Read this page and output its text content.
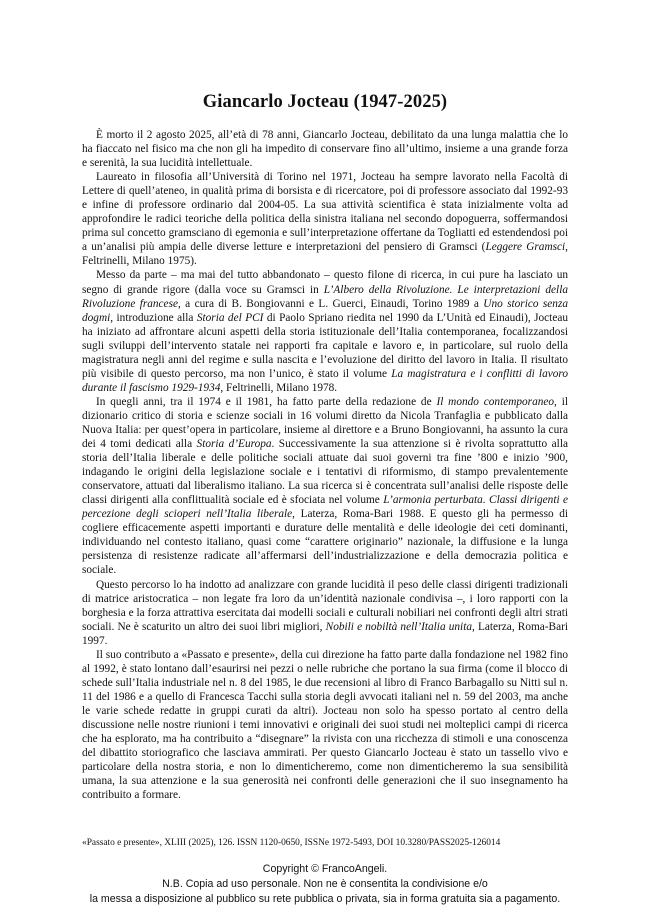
Giancarlo Jocteau (1947-2025)

È morto il 2 agosto 2025, all’età di 78 anni, Giancarlo Jocteau, debilitato da una lunga malattia che lo ha fiaccato nel fisico ma che non gli ha impedito di conservare fino all’ultimo, insieme a una grande forza e serenità, la sua lucidità intellettuale.

Laureato in filosofia all’Università di Torino nel 1971, Jocteau ha sempre lavorato nella Facoltà di Lettere di quell’ateneo, in qualità prima di borsista e di ricercatore, poi di professore associato dal 1992-93 e infine di professore ordinario dal 2004-05. La sua attività scientifica è stata inizialmente volta ad approfondire le radici teoriche della politica della sinistra italiana nel secondo dopoguerra, soffermandosi prima sul concetto gramsciano di egemonia e sull’interpretazione offertane da Togliatti ed estendendosi poi a un’analisi più ampia delle diverse letture e interpretazioni del pensiero di Gramsci (Leggere Gramsci, Feltrinelli, Milano 1975).

Messo da parte – ma mai del tutto abbandonato – questo filone di ricerca, in cui pure ha lasciato un segno di grande rigore (dalla voce su Gramsci in L’Albero della Rivoluzione. Le interpretazioni della Rivoluzione francese, a cura di B. Bongiovanni e L. Guerci, Einaudi, Torino 1989 a Uno storico senza dogmi, introduzione alla Storia del PCI di Paolo Spriano riedita nel 1990 da L’Unità ed Einaudi), Jocteau ha iniziato ad affrontare alcuni aspetti della storia istituzionale dell’Italia contemporanea, focalizzandosi sugli sviluppi dell’intervento statale nei rapporti fra capitale e lavoro e, in particolare, sul ruolo della magistratura negli anni del regime e sulla nascita e l’evoluzione del diritto del lavoro in Italia. Il risultato più visibile di questo percorso, ma non l’unico, è stato il volume La magistratura e i conflitti di lavoro durante il fascismo 1929-1934, Feltrinelli, Milano 1978.

In quegli anni, tra il 1974 e il 1981, ha fatto parte della redazione de Il mondo contemporaneo, il dizionario critico di storia e scienze sociali in 16 volumi diretto da Nicola Tranfaglia e pubblicato dalla Nuova Italia: per quest’opera in particolare, insieme al direttore e a Bruno Bongiovanni, ha assunto la cura dei 4 tomi dedicati alla Storia d’Europa. Successivamente la sua attenzione si è rivolta soprattutto alla storia dell’Italia liberale e delle politiche sociali attuate dai suoi governi tra fine ’800 e inizio ’900, indagando le origini della legislazione sociale e i tentativi di riformismo, di stampo prevalentemente conservatore, attuati dal liberalismo italiano. La sua ricerca si è concentrata sull’analisi delle risposte delle classi dirigenti alla conflittualità sociale ed è sfociata nel volume L’armonia perturbata. Classi dirigenti e percezione degli scioperi nell’Italia liberale, Laterza, Roma-Bari 1988. E questo gli ha permesso di cogliere efficacemente aspetti importanti e durature delle mentalità e delle ideologie dei ceti dominanti, individuando nel contesto italiano, quasi come “carattere originario” nazionale, la diffusione e la lunga persistenza di resistenze radicate all’affermarsi dell’industrializzazione e della democrazia politica e sociale.

Questo percorso lo ha indotto ad analizzare con grande lucidità il peso delle classi dirigenti tradizionali di matrice aristocratica – non legate fra loro da un’identità nazionale condivisa –, i loro rapporti con la borghesia e la forza attrattiva esercitata dai modelli sociali e culturali nobiliari nei confronti degli altri strati sociali. Ne è scaturito un altro dei suoi libri migliori, Nobili e nobiltà nell’Italia unita, Laterza, Roma-Bari 1997.

Il suo contributo a «Passato e presente», della cui direzione ha fatto parte dalla fondazione nel 1982 fino al 1992, è stato lontano dall’esaurirsi nei pezzi o nelle rubriche che portano la sua firma (come il blocco di schede sull’Italia industriale nel n. 8 del 1985, le due recensioni al libro di Franco Barbagallo su Nitti sul n. 11 del 1986 e a quello di Francesca Tacchi sulla storia degli avvocati italiani nel n. 59 del 2003, ma anche le varie schede redatte in gruppi curati da altri). Jocteau non solo ha spesso portato al centro della discussione nelle nostre riunioni i temi innovativi e originali dei suoi studi nei molteplici campi di ricerca che ha esplorato, ma ha contribuito a “disegnare” la rivista con una ricchezza di stimoli e una conoscenza del dibattito storiografico che lasciava ammirati. Per questo Giancarlo Jocteau è stato un tassello vivo e particolare della nostra storia, e non lo dimenticheremo, come non dimenticheremo la sua sensibilità umana, la sua attenzione e la sua generosità nei confronti delle generazioni che il suo insegnamento ha contribuito a formare.

«Passato e presente», XLIII (2025), 126. ISSN 1120-0650, ISSNe 1972-5493, DOI 10.3280/PASS2025-126014
Copyright © FrancoAngeli.
N.B. Copia ad uso personale. Non ne è consentita la condivisione e/o
la messa a disposizione al pubblico su rete pubblica o privata, sia in forma gratuita sia a pagamento.
